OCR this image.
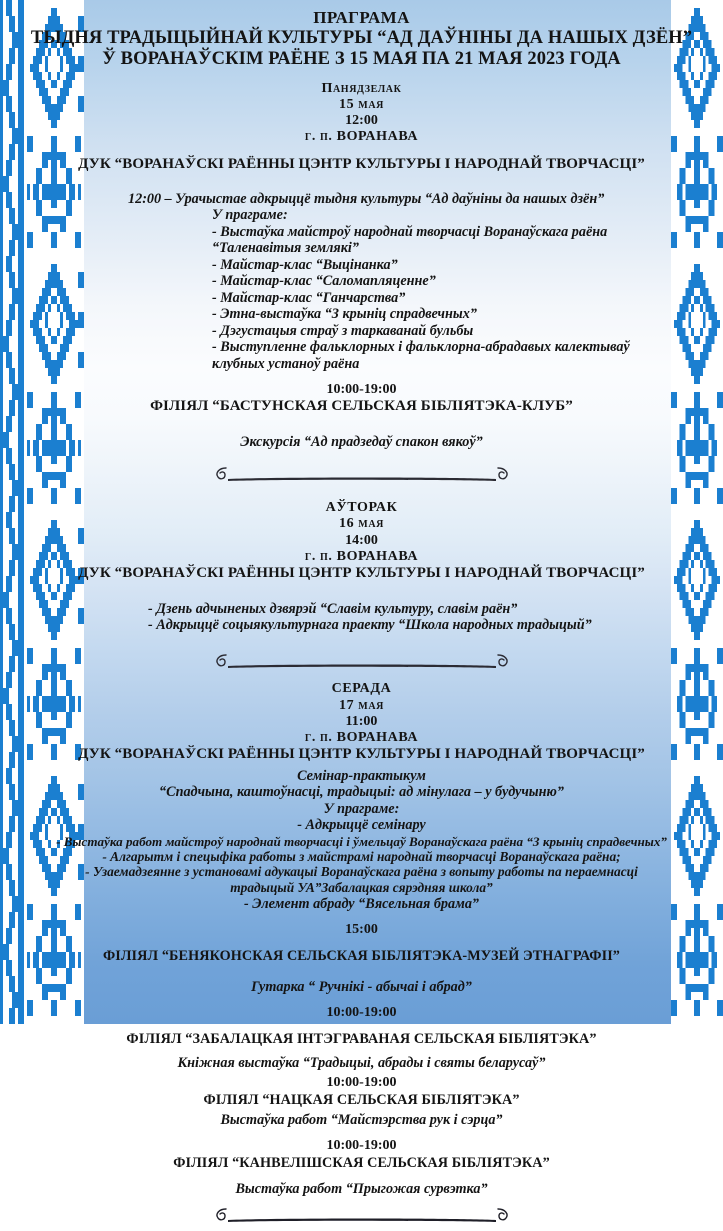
ПРАГРАМА

ТЫДНЯ ТРАДЫЦЫЙНАЙ КУЛЬТУРЫ “АД ДАЎНІНЫ ДА НАШЫХ ДЗЁН”

Ў ВОРАНАЎСКІМ РАЁНЕ З 15 МАЯ ПА 21 МАЯ 2023 ГОДА

Панядзелак

15 мая

12:00

г. п. ВОРАНАВА

ДУК “ВОРАНАЎСКІ РАЁННЫ ЦЭНТР КУЛЬТУРЫ І НАРОДНАЙ ТВОРЧАСЦІ”

12:00 – Урачыстае адкрыццё тыдня культуры “Ад даўніны да нашых дзён”

У праграме:

- Выстаўка майстроў народнай творчасці Воранаўскага раёна

“Таленавітыя землякі”

- Майстар-клас “Выцінанка”

- Майстар-клас “Саломапляценне”

- Майстар-клас “Ганчарства”

- Этна-выстаўка “З крыніц спрадвечных”

- Дэгустацыя страў з таркаванай бульбы

- Выступленне фальклорных і фальклорна-абрадавых калектываў

клубных устаноў раёна

10:00-19:00

ФІЛІЯЛ “БАСТУНСКАЯ СЕЛЬСКАЯ БІБЛІЯТЭКА-КЛУБ”

Экскурсія “Ад прадзедаў спакон вякоў”

АЎТОРАК

16 мая

14:00

г. п. ВОРАНАВА

ДУК “ВОРАНАЎСКІ РАЁННЫ ЦЭНТР КУЛЬТУРЫ І НАРОДНАЙ ТВОРЧАСЦІ”

- Дзень адчыненых дзвярэй “Славім культуру, славім раён”

- Адкрыццё соцыякультурнага праекту “Школа народных традыцый”

СЕРАДА

17 мая

11:00

г. п. ВОРАНАВА

ДУК “ВОРАНАЎСКІ РАЁННЫ ЦЭНТР КУЛЬТУРЫ І НАРОДНАЙ ТВОРЧАСЦІ”

Семінар-практыкум

“Спадчына, каштоўнасці, традыцыі: ад мінулага – у будучыню”

У праграме:

- Адкрыццё семінару

- Выстаўка работ майстроў народнай творчасці і ўмельцаў Воранаўскага раёна “З крыніц спрадвечных”

- Алгарытм і спецыфіка работы з майстрамі народнай творчасці Воранаўскага раёна;

- Узаемадзеянне з установамі адукацыі Воранаўскага раёна з вопыту работы па пераемнасці

традыцый УА”Забалацкая сярэдняя школа”

- Элемент абраду “Вясельная брама”

15:00

ФІЛІЯЛ “БЕНЯКОНСКАЯ СЕЛЬСКАЯ БІБЛІЯТЭКА-МУЗЕЙ ЭТНАГРАФІІ”

Гутарка “ Ручнікі - абычаі і абрад”

10:00-19:00

ФІЛІЯЛ “ЗАБАЛАЦКАЯ ІНТЭГРАВАНАЯ СЕЛЬСКАЯ БІБЛІЯТЭКА”

Кніжная выстаўка “Традыцыі, абрады і святы беларусаў”

10:00-19:00

ФІЛІЯЛ “НАЦКАЯ СЕЛЬСКАЯ БІБЛІЯТЭКА”

Выстаўка работ “Майстэрства рук і сэрца”

10:00-19:00

ФІЛІЯЛ “КАНВЕЛІШСКАЯ СЕЛЬСКАЯ БІБЛІЯТЭКА”

Выстаўка работ “Прыгожая сурвэтка”
